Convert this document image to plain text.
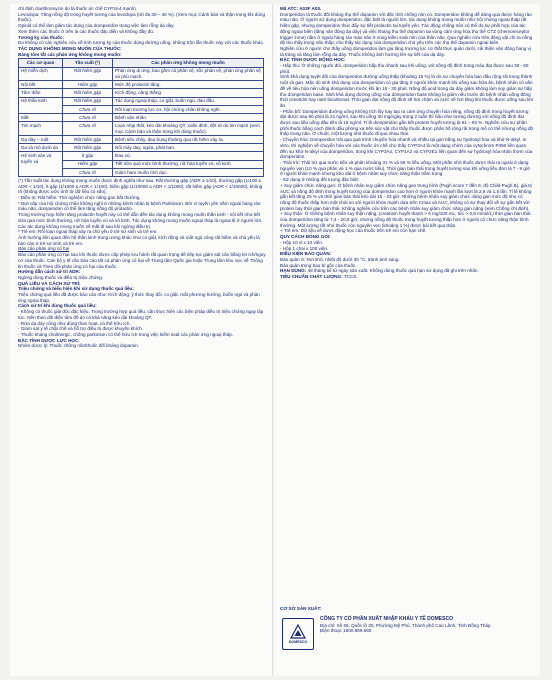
chỉ định clarithromycin do là thuốc ức chế CYP3A4 mạnh).

Levodopa: Tăng nồng độ trong huyết tương của levodopa (tới đa 30 – 40 %). (Xem mục Cảnh báo và thận trọng khi dùng thuốc).

Opioid có thể làm giảm tác dụng của domperidon trong việc làm rỗng dạ dày.

Xem thêm các thuốc ở trên là các thuốc đặc điển và không đầy đủ.

Tương kỵ của thuốc:

Do không có các nghiên cứu về tính tương kỵ của thuốc dùng đường uống, không trộn lẫn thuốc này với các thuốc khác.

TÁC DỤNG KHÔNG MONG MUỐN CỦA THUỐC:

Bảng tóm tắt các phản ứng không mong muốn:

Các cơ quan	Tần suất (*)	Các phản ứng không mong muốn
Hệ miễn dịch	Rất hiếm gặp	Phản ứng dị ứng, bao gồm cả phản vệ, sốc phản vệ, phản ứng phản vệ và phù mạch.
Nội tiết	Hiếm gặp	Mức độ prolactin tăng.
Tâm thần	Rất hiếm gặp	Kích động, căng thẳng.
Hệ thần kinh	Rất hiếm gặp	Tác dụng ngoại tháp, co giật, buồn ngủ, đau đầu.
	Chưa rõ	Rối loạn trương lực cơ, hội chứng chân không nghỉ.
Mắt	Chưa rõ	Bệnh vận nhãn.
Tim mạch	Chưa rõ	Loạn nhịp thất, kéo dài khoảng QT, xoắn đỉnh, đột tử do tim mạch (xem mục Cảnh báo và thận trọng khi dùng thuốc).
Dạ dày – ruột	Rất hiếm gặp	Bệnh tiêu chảy, đau bụng thoáng qua rất hiếm xảy ra.
Da và mô dưới da	Rất hiếm gặp	Nổi mày đay, ngứa, phát ban.
Hệ sinh sản và tuyến vú	Ít gặp	Đau vú.
	Hiếm gặp	Tiết sữa quá mức bình thường, nữ hóa tuyến vú, vô kinh.
	Chưa rõ	Giảm ham muốn tình dục.

(*) Tần suất tác dụng không mong muốn được định nghĩa như sau: Rất thường gặp (ADR ≥ 1/10), thường gặp (1/100 ≤ ADR < 1/10), ít gặp (1/1000 ≤ ADR < 1/100), hiếm gặp (1/10000 ≤ ADR < 1/1000), rất hiếm gặp (ADR < 1/10000), không rõ (không được ước tính từ dữ liệu có sẵn).

- Điều trị: Rất hiếm: Thử nghiệm chức năng gan bất thường.

* Đợt cấp của hội chứng chân không nghỉ ở những bệnh nhân bị bệnh Parkinson. Bởi vì tuyến yên nằm ngoài hàng rào máu não, domperidon có thể làm tăng nồng độ prolactin.

Trong trường hợp hiếm tăng prolactin huyết này có thể dẫn đến tác dụng không mong muốn thần kinh - nội tiết như tiết sữa quá mức bình thường, nữ hóa tuyến vú và vô kinh. Tác dụng không mong muốn ngoại tháp là ngoại lệ ở người lớn. Các tác dụng không mong muốn sẽ mất đi sau khi ngừng điều trị.

* Trẻ em: Rối loạn ngoại tháp xảy ra chủ yếu ở trẻ sơ sinh và trẻ em.

Ảnh hưởng liên quan đến hệ thần kinh trung ương khác như co giật, kích động và mất ngủ cũng rất hiếm và chủ yếu là báo cáo ở trẻ sơ sinh và trẻ em.

Báo cáo phản ứng có hại

Báo cáo phản ứng có hại sau khi thuốc được cấp phép lưu hành rất quan trọng để tiếp tục giám sát cân bằng lợi ích/nguy cơ của thuốc. Cán bộ y tế cần báo cáo tất cả phản ứng có hại về Trung tâm Quốc gia hoặc Trung tâm khu vực về Thông tin thuốc và Theo dõi phản ứng có hại của thuốc.

Hướng dẫn cách xử trí ADR:

Ngừng dùng thuốc và điều trị triệu chứng.

QUÁ LIỀU VÀ CÁCH XỬ TRÍ:

Triệu chứng và biểu hiện khi sử dụng thuốc quá liều:

Triệu chứng quá liều đã được báo cáo như: Kích động, ý thức thay đổi, co giật, mất phương hướng, buồn ngủ và phản ứng ngoại tháp.

Cách xử trí khi dùng thuốc quá liều:

- Không có thuốc giải độc đặc hiệu. Trong trường hợp quá liều, cần thực hiện các biện pháp điều trị triệu chứng ngay lập tức. Nên theo dõi điện tâm đồ do có khả năng kéo dài khoảng QT.

- Rửa dạ dày cũng như dùng than hoạt, có thể hữu ích.

- Giám sát y tế chặt chẽ và hỗ trợ điều trị được khuyến khích.

- Thuốc kháng cholinergic, chống parkinson có thể hữu ích trong việc kiểm soát các phản ứng ngoại tháp.

ĐẶC TÍNH DƯỢC LỰC HỌC:

Nhóm dược lý: Thuốc chống nôn/thuốc đối kháng dopamin.

Mã ATC: A03F A03.

Domperidon là thuốc đối kháng thụ thể dopamin với đặc tính chống nôn có. Domperidon không dễ dàng qua được hàng rào máu não. Ở người sử dụng domperidon, đặc biệt là người lớn, tác dụng không mong muốn như hội chứng ngoại tháp rất hiếm gặp, nhưng domperidon thúc đẩy sự tiết prolactin tại tuyến yên. Tác động chống nôn có thể do sự phối hợp của tác động ngoại biên (tăng vận động dạ dày) và việc kháng thụ thể dopamin tại vùng cảm ứng hóa thụ thể CTZ (chemoreceptor trigger zone) nằm ở ngoài hàng rào máu não ở vùng kiềm soát nôn của thân não. Qua nghiên cứu trên động vật chỉ ra nồng độ tìm thấy trong não thấp, cho thấy tác dụng của domperidon chủ yếu trên các thụ thể dopamin ngoại biên.

Nghiên cứu ở người cho thấy uống domperidon làm gia tăng trương lực cơ thắt thực quản dưới, cải thiện vận động hang vị tá tràng và tăng làm rỗng dạ dày. Thuốc không ảnh hưởng lên sự tiết của dạ dày.

ĐẶC TÍNH DƯỢC ĐỘNG HỌC:

- Hấp thu: Ở những người đói, domperidon hấp thu nhanh sau khi uống, với nồng độ đỉnh trong máu đạt được sau 30 - 60 phút.

Sinh khả dụng tuyệt đối của domperidon đường uống thấp (khoảng 15 %) là do sự chuyển hóa ban đầu rộng rãi trong thành ruột và gan. Mặc dù sinh khả dụng của domperidon có gia tăng ở người khỏe mạnh khi uống sau bữa ăn, bệnh nhân có vấn đề về tiêu hóa nên uống domperidon trước khi ăn 15 - 30 phút. Nồng độ acid trong dạ dày giảm không làm suy giảm sự hấp thu domperidon base. Sinh khả dụng đường uống của domperidon base không bị giảm nếu trước đó bệnh nhân uống đồng thời cimetidin hay natri bicarbonat. Thời gian đạt nồng độ đỉnh sẽ hơi chậm và AUC sẽ hơi tăng khi thuốc được uống sau khi ăn.

- Phân bố: Domperidon đường uống không tích lũy hay tạo ra cảm ứng chuyển hóa riêng, nồng độ đỉnh trong huyết tương đạt được sau 90 phút là 21 ng/ml, sau khi uống 30 mg/ngày trong 2 tuần thì hầu như tương đương với nồng độ đỉnh đạt được sau liều uống đầu tiên là 18 ng/ml. Tỉ lệ domperidon gắn kết protein huyết tương là 91 – 93 %. Nghiên cứu sự phân phối thuốc bằng cách đánh dấu phóng xạ trên súc vật cho thấy thuốc được phân bố rộng rãi trong mô có thể nhưng nồng độ thấp trong não. Ở chuột, một lượng nhỏ thuốc đi qua nhau thai.

- Chuyển hóa: Domperidon trải qua quá trình chuyển hóa nhanh và nhiều tại gan bằng sự hydroxyl hóa và khử N-alkyl. In vitro, thí nghiệm về chuyển hóa với các thuốc ức chế cho thấy CYP3A4 là một dạng chính của cytochrom P450 liên quan đến sự khử N-alkyl của domperidon, trong khi CYP3A4, CYP1A2 và CYP2E1 liên quan đến sự hydroxyl hóa nhân thơm của domperidon.

- Thải trừ: Thải trừ qua nước tiểu và phân khoảng 31 % và 66 % liều uống. Một phần nhỏ thuốc được thải ra ngoài ở dạng nguyên vẹn (10 % qua phân và 1 % qua nước tiểu). Thời gian bán thải trong huyết tương sau khi uống liều đơn là 7 - 9 giờ ở người khỏe mạnh nhưng kéo dài ở bệnh nhân suy chức năng thận trầm trọng.

- Sử dụng ở những đối tượng đặc biệt:

+ Suy giảm chức năng gan: Ở bệnh nhân suy giảm chức năng gan trung bình (Pugh score 7 đến 9, độ Child-Pugh B), giá trị AUC và nồng độ đỉnh trong huyết tương của domperidon cao hơn ở người khỏe mạnh lần lượt là 2,9 và 1,5 lần. Tỉ lệ không gắn kết tăng 25 % và thời gian bán thải kéo dài 15 - 23 giờ. Những bệnh nhân suy giảm chức năng gan mức độ nhẹ có nồng độ thuốc thấp hơn một chút so với người khỏe mạnh dựa trên Cmax và AUC, không có sự thay đổi về sự gắn kết với protein hay thời gian bán thải. Không nghiên cứu trên các bệnh nhân suy giảm chức năng gan nặng (xem Chống chỉ định).

+ Suy thận: Ở những bệnh nhân suy thận nặng, (creatinin huyết thanh > 6 mg/100 mL, tức > 0,6 mmol/L) thời gian bán thải của domperidon tăng từ 7,4 - 20,8 giờ, nhưng nồng độ thuốc trong huyết tương thấp hơn ở người có chức năng thận bình thường. Một lượng rất nhỏ thuốc còn nguyên vẹn (khoảng 1 %) được bài tiết qua thận.

+ Trẻ em: Dữ liệu về dược động học của thuốc trên trẻ em còn hạn chế.

QUY CÁCH ĐÓNG GÓI:

- Hộp 10 vỉ x 10 viên.

- Hộp 1 chai x 100 viên.

ĐIỀU KIỆN BẢO QUẢN:

Bảo quản ở: Nơi khô, nhiệt độ dưới 30 °C, tránh ánh sáng.

Bảo quản trong bao bì gốc của thuốc.

HẠN DÙNG: 48 tháng kể từ ngày sản xuất. Không dùng thuốc quá hạn sử dụng đã ghi trên nhãn.

TIÊU CHUẨN CHẤT LƯỢNG: TCCS.

CƠ SỞ SẢN XUẤT:

DOMESCO

CÔNG TY CỔ PHẦN XUẤT NHẬP KHẨU Y TẾ DOMESCO

Địa chỉ: Số 66, Quốc lộ 30, Phường Mỹ Phú, Thành phố Cao Lãnh, Tỉnh Đồng Tháp

Điện thoại: 1800.969.660
